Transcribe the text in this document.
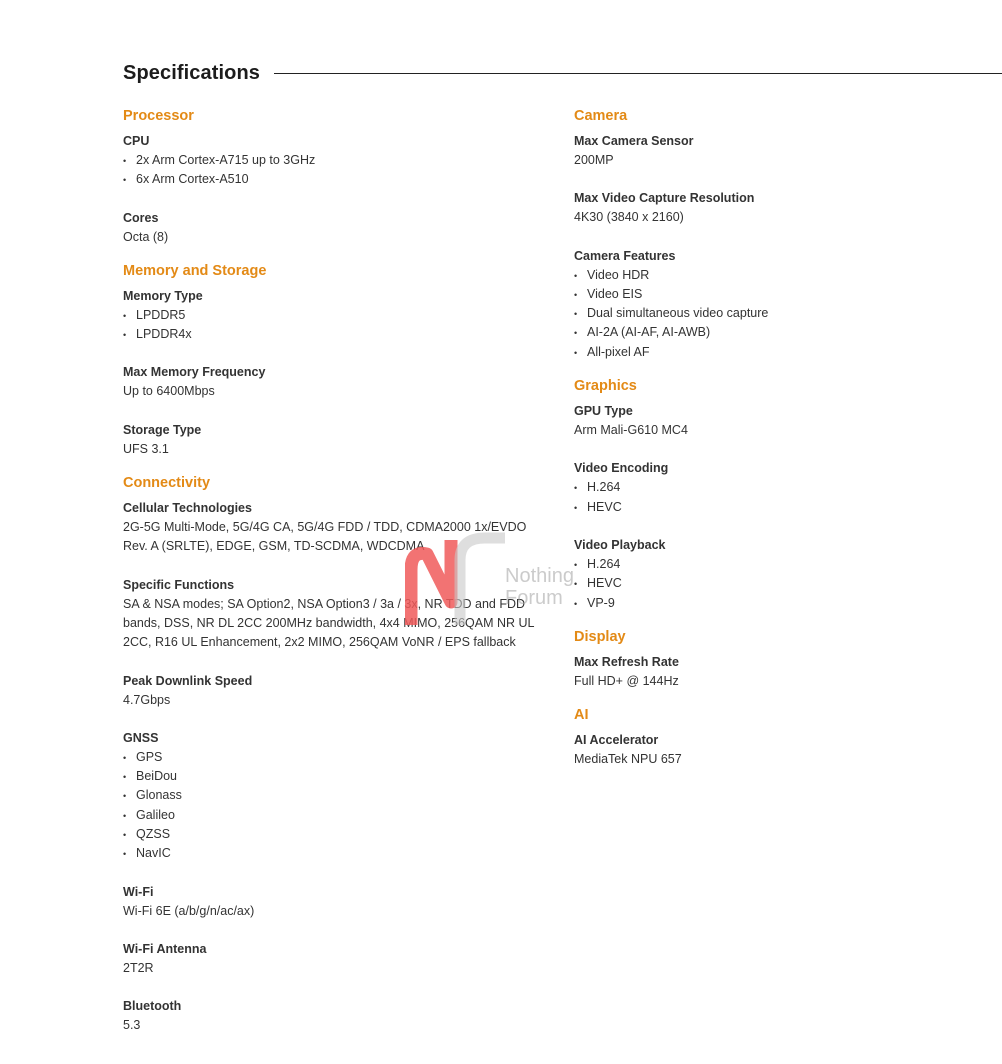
Specifications
Processor
CPU
• 2x Arm Cortex-A715 up to 3GHz
• 6x Arm Cortex-A510
Cores
Octa (8)
Memory and Storage
Memory Type
• LPDDR5
• LPDDR4x
Max Memory Frequency
Up to 6400Mbps
Storage Type
UFS 3.1
Connectivity
Cellular Technologies
2G-5G Multi-Mode, 5G/4G CA, 5G/4G FDD / TDD, CDMA2000 1x/EVDO Rev. A (SRLTE), EDGE, GSM, TD-SCDMA, WDCDMA
Specific Functions
SA & NSA modes; SA Option2, NSA Option3 / 3a / 3x, NR TDD and FDD bands, DSS, NR DL 2CC 200MHz bandwidth, 4x4 MIMO, 256QAM NR UL 2CC, R16 UL Enhancement, 2x2 MIMO, 256QAM VoNR / EPS fallback
Peak Downlink Speed
4.7Gbps
GNSS
• GPS
• BeiDou
• Glonass
• Galileo
• QZSS
• NavIC
Wi-Fi
Wi-Fi 6E (a/b/g/n/ac/ax)
Wi-Fi Antenna
2T2R
Bluetooth
5.3
Camera
Max Camera Sensor
200MP
Max Video Capture Resolution
4K30 (3840 x 2160)
Camera Features
• Video HDR
• Video EIS
• Dual simultaneous video capture
• AI-2A (AI-AF, AI-AWB)
• All-pixel AF
Graphics
GPU Type
Arm Mali-G610 MC4
Video Encoding
• H.264
• HEVC
Video Playback
• H.264
• HEVC
• VP-9
Display
Max Refresh Rate
Full HD+ @ 144Hz
AI
AI Accelerator
MediaTek NPU 657
Nothing
Forum
